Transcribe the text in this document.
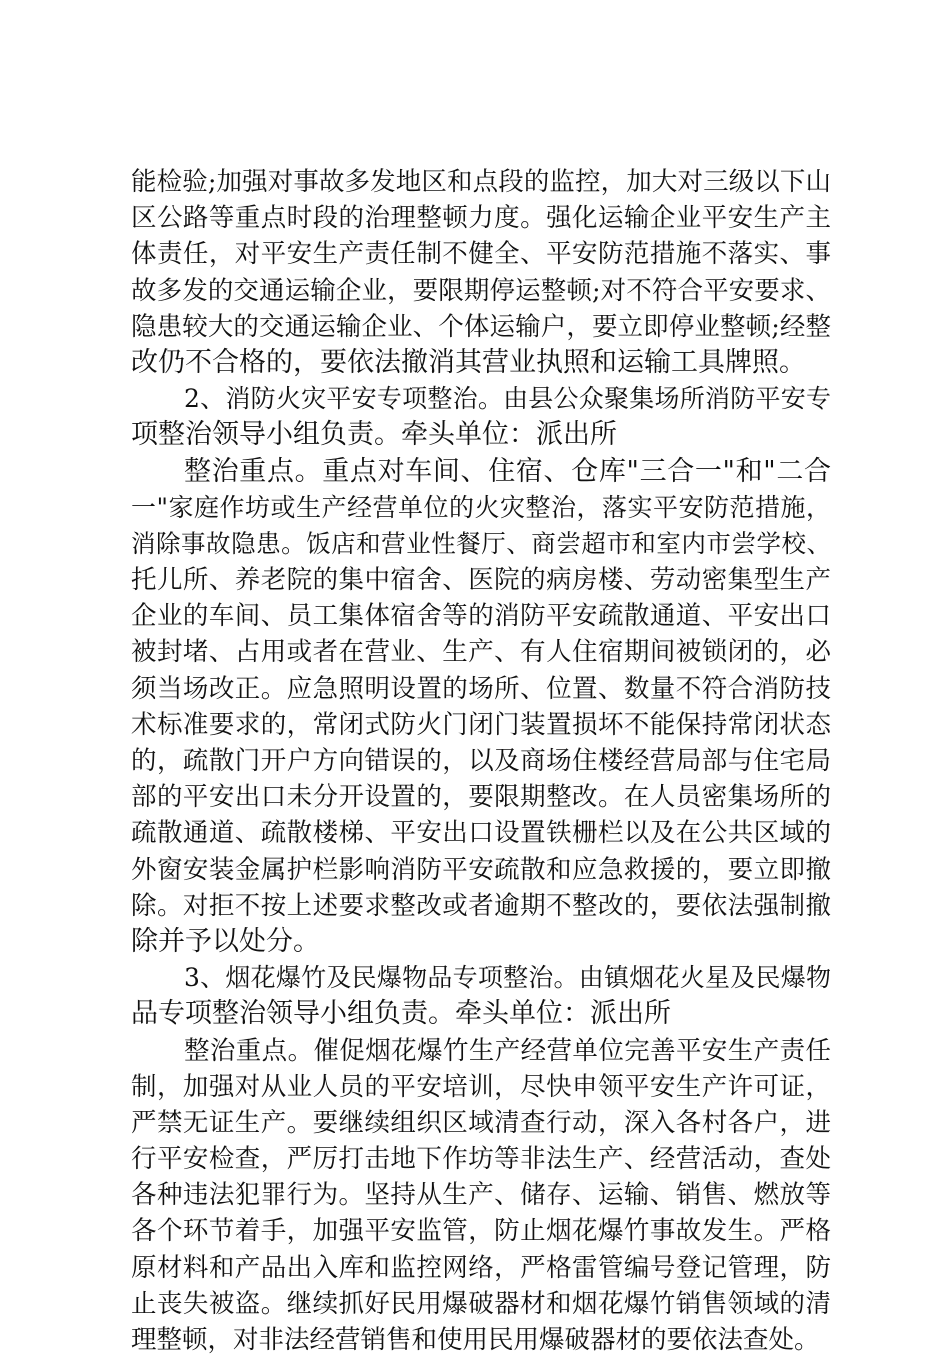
能检验;加强对事故多发地区和点段的监控，加大对三级以下山
区公路等重点时段的治理整顿力度。强化运输企业平安生产主
体责任，对平安生产责任制不健全、平安防范措施不落实、事
故多发的交通运输企业，要限期停运整顿;对不符合平安要求、
隐患较大的交通运输企业、个体运输户，要立即停业整顿;经整
改仍不合格的，要依法撤消其营业执照和运输工具牌照。
2、消防火灾平安专项整治。由县公众聚集场所消防平安专
项整治领导小组负责。牵头单位：派出所
整治重点。重点对车间、住宿、仓库"三合一"和"二合
一"家庭作坊或生产经营单位的火灾整治，落实平安防范措施，
消除事故隐患。饭店和营业性餐厅、商尝超市和室内市尝学校、
托儿所、养老院的集中宿舍、医院的病房楼、劳动密集型生产
企业的车间、员工集体宿舍等的消防平安疏散通道、平安出口
被封堵、占用或者在营业、生产、有人住宿期间被锁闭的，必
须当场改正。应急照明设置的场所、位置、数量不符合消防技
术标准要求的，常闭式防火门闭门装置损坏不能保持常闭状态
的，疏散门开户方向错误的，以及商场住楼经营局部与住宅局
部的平安出口未分开设置的，要限期整改。在人员密集场所的
疏散通道、疏散楼梯、平安出口设置铁栅栏以及在公共区域的
外窗安装金属护栏影响消防平安疏散和应急救援的，要立即撤
除。对拒不按上述要求整改或者逾期不整改的，要依法强制撤
除并予以处分。
3、烟花爆竹及民爆物品专项整治。由镇烟花火星及民爆物
品专项整治领导小组负责。牵头单位：派出所
整治重点。催促烟花爆竹生产经营单位完善平安生产责任
制，加强对从业人员的平安培训，尽快申领平安生产许可证，
严禁无证生产。要继续组织区域清查行动，深入各村各户，进
行平安检查，严厉打击地下作坊等非法生产、经营活动，查处
各种违法犯罪行为。坚持从生产、储存、运输、销售、燃放等
各个环节着手，加强平安监管，防止烟花爆竹事故发生。严格
原材料和产品出入库和监控网络，严格雷管编号登记管理，防
止丧失被盗。继续抓好民用爆破器材和烟花爆竹销售领域的清
理整顿，对非法经营销售和使用民用爆破器材的要依法查处。
